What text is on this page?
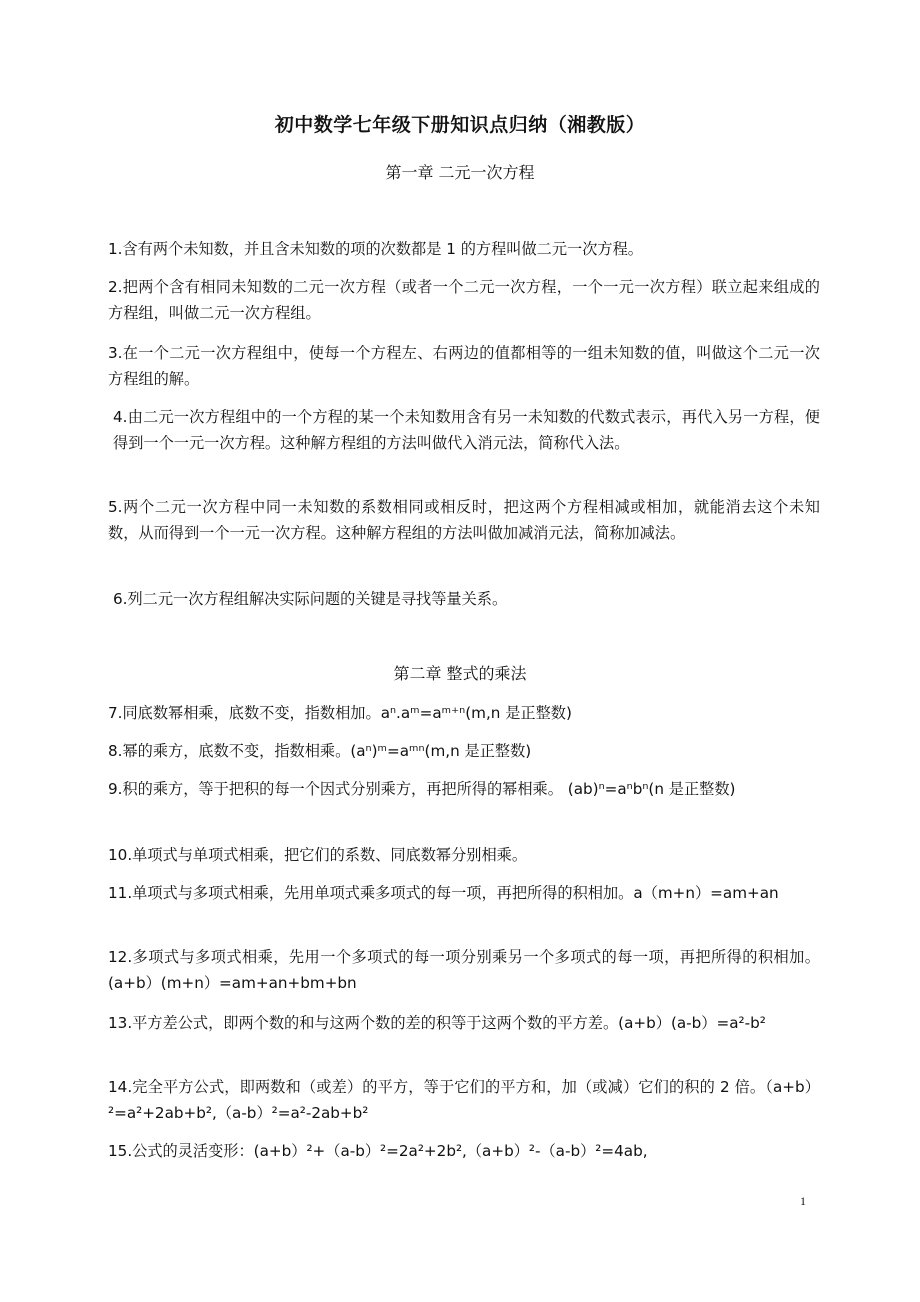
初中数学七年级下册知识点归纳（湘教版）
第一章 二元一次方程
1.含有两个未知数，并且含未知数的项的次数都是 1 的方程叫做二元一次方程。
2.把两个含有相同未知数的二元一次方程（或者一个二元一次方程，一个一元一次方程）联立起来组成的方程组，叫做二元一次方程组。
3.在一个二元一次方程组中，使每一个方程左、右两边的值都相等的一组未知数的值，叫做这个二元一次方程组的解。
4.由二元一次方程组中的一个方程的某一个未知数用含有另一未知数的代数式表示，再代入另一方程，便得到一个一元一次方程。这种解方程组的方法叫做代入消元法，简称代入法。
5.两个二元一次方程中同一未知数的系数相同或相反时，把这两个方程相减或相加，就能消去这个未知数，从而得到一个一元一次方程。这种解方程组的方法叫做加减消元法，简称加减法。
6.列二元一次方程组解决实际问题的关键是寻找等量关系。
第二章 整式的乘法
7.同底数幂相乘，底数不变，指数相加。aⁿ.aᵐ=aᵐ⁺ⁿ(m,n 是正整数)
8.幂的乘方，底数不变，指数相乘。(aⁿ)ᵐ=aᵐⁿ(m,n 是正整数)
9.积的乘方，等于把积的每一个因式分别乘方，再把所得的幂相乘。 (ab)ⁿ=aⁿbⁿ(n 是正整数)
10.单项式与单项式相乘，把它们的系数、同底数幂分别相乘。
11.单项式与多项式相乘，先用单项式乘多项式的每一项，再把所得的积相加。a（m+n）=am+an
12.多项式与多项式相乘，先用一个多项式的每一项分别乘另一个多项式的每一项，再把所得的积相加。(a+b）(m+n）=am+an+bm+bn
13.平方差公式，即两个数的和与这两个数的差的积等于这两个数的平方差。(a+b）(a-b）=a²-b²
14.完全平方公式，即两数和（或差）的平方，等于它们的平方和，加（或减）它们的积的 2 倍。（a+b）²=a²+2ab+b²,（a-b）²=a²-2ab+b²
15.公式的灵活变形：(a+b）²+（a-b）²=2a²+2b²,（a+b）²-（a-b）²=4ab,
1
